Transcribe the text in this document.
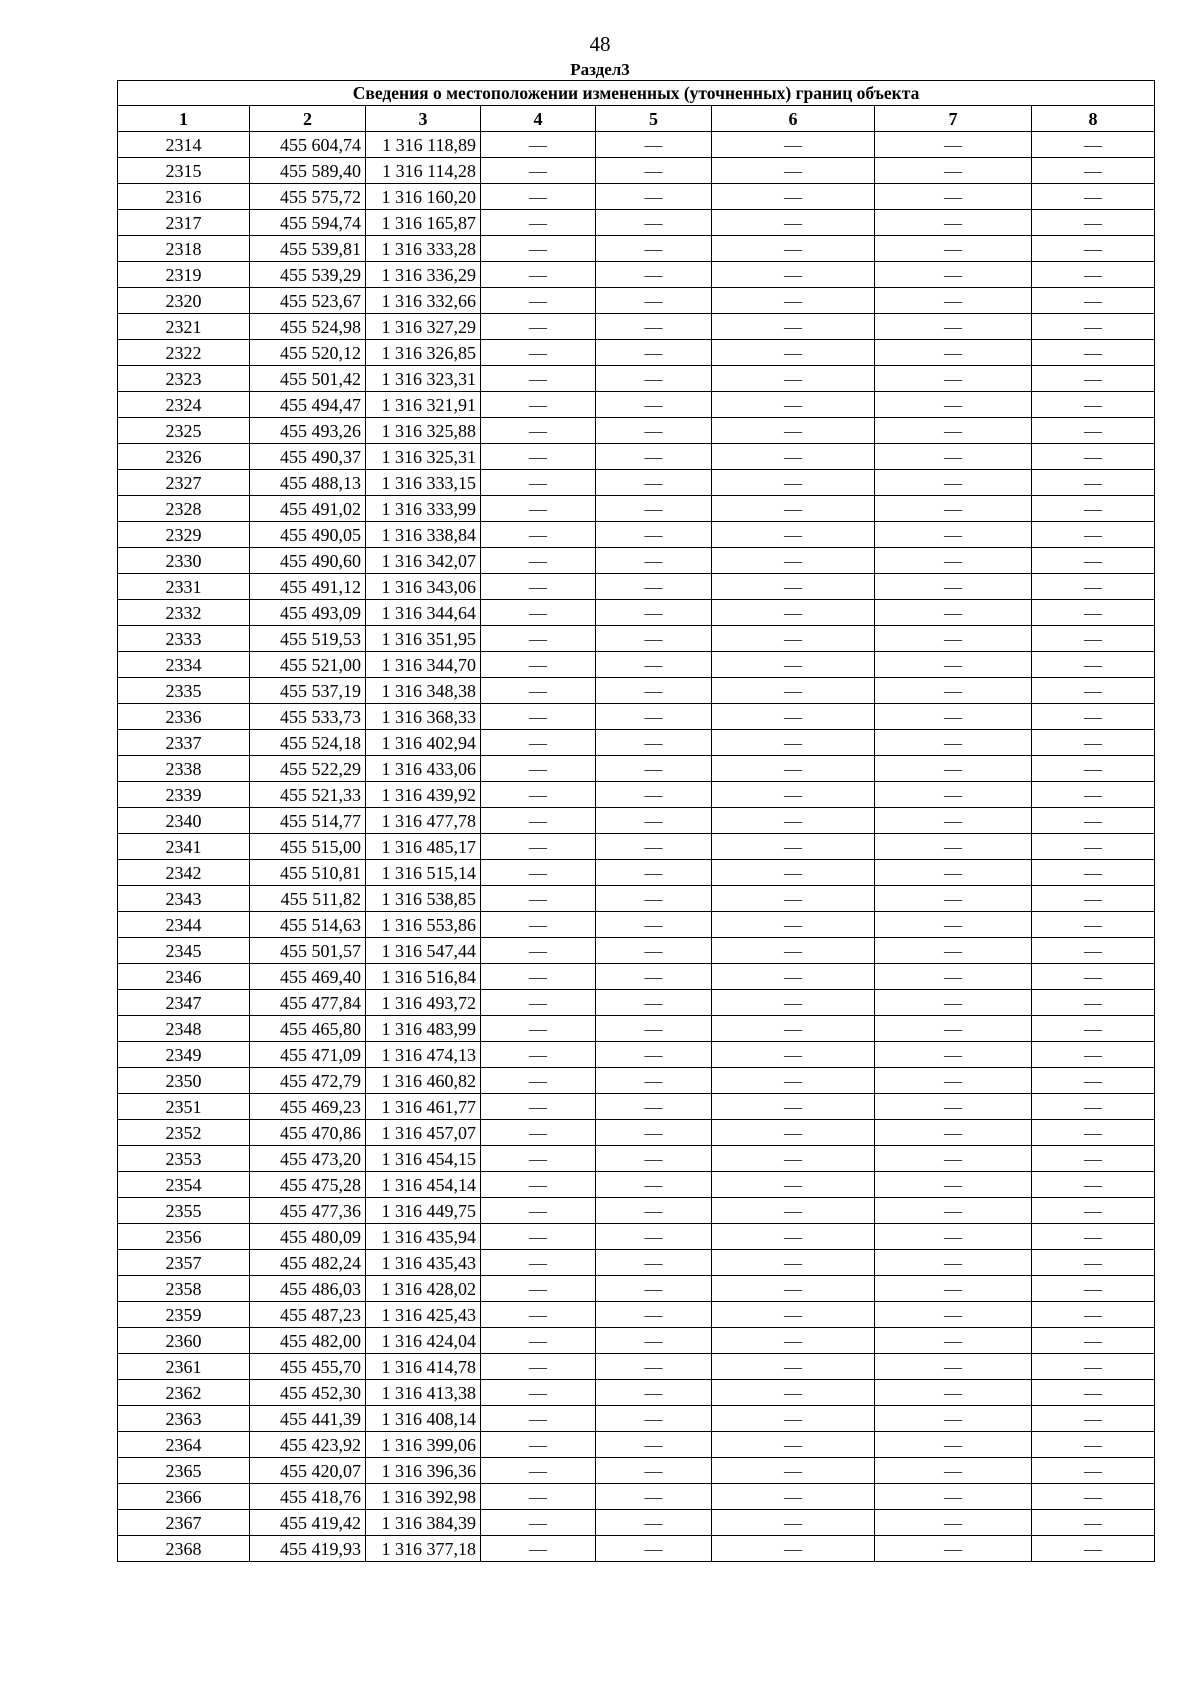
48
Раздел3
Сведения о местоположении измененных (уточненных) границ объекта							
1	2	3	4	5	6	7	8
2314	455 604,74	1 316 118,89	—	—	—	—	—
2315	455 589,40	1 316 114,28	—	—	—	—	—
2316	455 575,72	1 316 160,20	—	—	—	—	—
2317	455 594,74	1 316 165,87	—	—	—	—	—
2318	455 539,81	1 316 333,28	—	—	—	—	—
2319	455 539,29	1 316 336,29	—	—	—	—	—
2320	455 523,67	1 316 332,66	—	—	—	—	—
2321	455 524,98	1 316 327,29	—	—	—	—	—
2322	455 520,12	1 316 326,85	—	—	—	—	—
2323	455 501,42	1 316 323,31	—	—	—	—	—
2324	455 494,47	1 316 321,91	—	—	—	—	—
2325	455 493,26	1 316 325,88	—	—	—	—	—
2326	455 490,37	1 316 325,31	—	—	—	—	—
2327	455 488,13	1 316 333,15	—	—	—	—	—
2328	455 491,02	1 316 333,99	—	—	—	—	—
2329	455 490,05	1 316 338,84	—	—	—	—	—
2330	455 490,60	1 316 342,07	—	—	—	—	—
2331	455 491,12	1 316 343,06	—	—	—	—	—
2332	455 493,09	1 316 344,64	—	—	—	—	—
2333	455 519,53	1 316 351,95	—	—	—	—	—
2334	455 521,00	1 316 344,70	—	—	—	—	—
2335	455 537,19	1 316 348,38	—	—	—	—	—
2336	455 533,73	1 316 368,33	—	—	—	—	—
2337	455 524,18	1 316 402,94	—	—	—	—	—
2338	455 522,29	1 316 433,06	—	—	—	—	—
2339	455 521,33	1 316 439,92	—	—	—	—	—
2340	455 514,77	1 316 477,78	—	—	—	—	—
2341	455 515,00	1 316 485,17	—	—	—	—	—
2342	455 510,81	1 316 515,14	—	—	—	—	—
2343	455 511,82	1 316 538,85	—	—	—	—	—
2344	455 514,63	1 316 553,86	—	—	—	—	—
2345	455 501,57	1 316 547,44	—	—	—	—	—
2346	455 469,40	1 316 516,84	—	—	—	—	—
2347	455 477,84	1 316 493,72	—	—	—	—	—
2348	455 465,80	1 316 483,99	—	—	—	—	—
2349	455 471,09	1 316 474,13	—	—	—	—	—
2350	455 472,79	1 316 460,82	—	—	—	—	—
2351	455 469,23	1 316 461,77	—	—	—	—	—
2352	455 470,86	1 316 457,07	—	—	—	—	—
2353	455 473,20	1 316 454,15	—	—	—	—	—
2354	455 475,28	1 316 454,14	—	—	—	—	—
2355	455 477,36	1 316 449,75	—	—	—	—	—
2356	455 480,09	1 316 435,94	—	—	—	—	—
2357	455 482,24	1 316 435,43	—	—	—	—	—
2358	455 486,03	1 316 428,02	—	—	—	—	—
2359	455 487,23	1 316 425,43	—	—	—	—	—
2360	455 482,00	1 316 424,04	—	—	—	—	—
2361	455 455,70	1 316 414,78	—	—	—	—	—
2362	455 452,30	1 316 413,38	—	—	—	—	—
2363	455 441,39	1 316 408,14	—	—	—	—	—
2364	455 423,92	1 316 399,06	—	—	—	—	—
2365	455 420,07	1 316 396,36	—	—	—	—	—
2366	455 418,76	1 316 392,98	—	—	—	—	—
2367	455 419,42	1 316 384,39	—	—	—	—	—
2368	455 419,93	1 316 377,18	—	—	—	—	—
